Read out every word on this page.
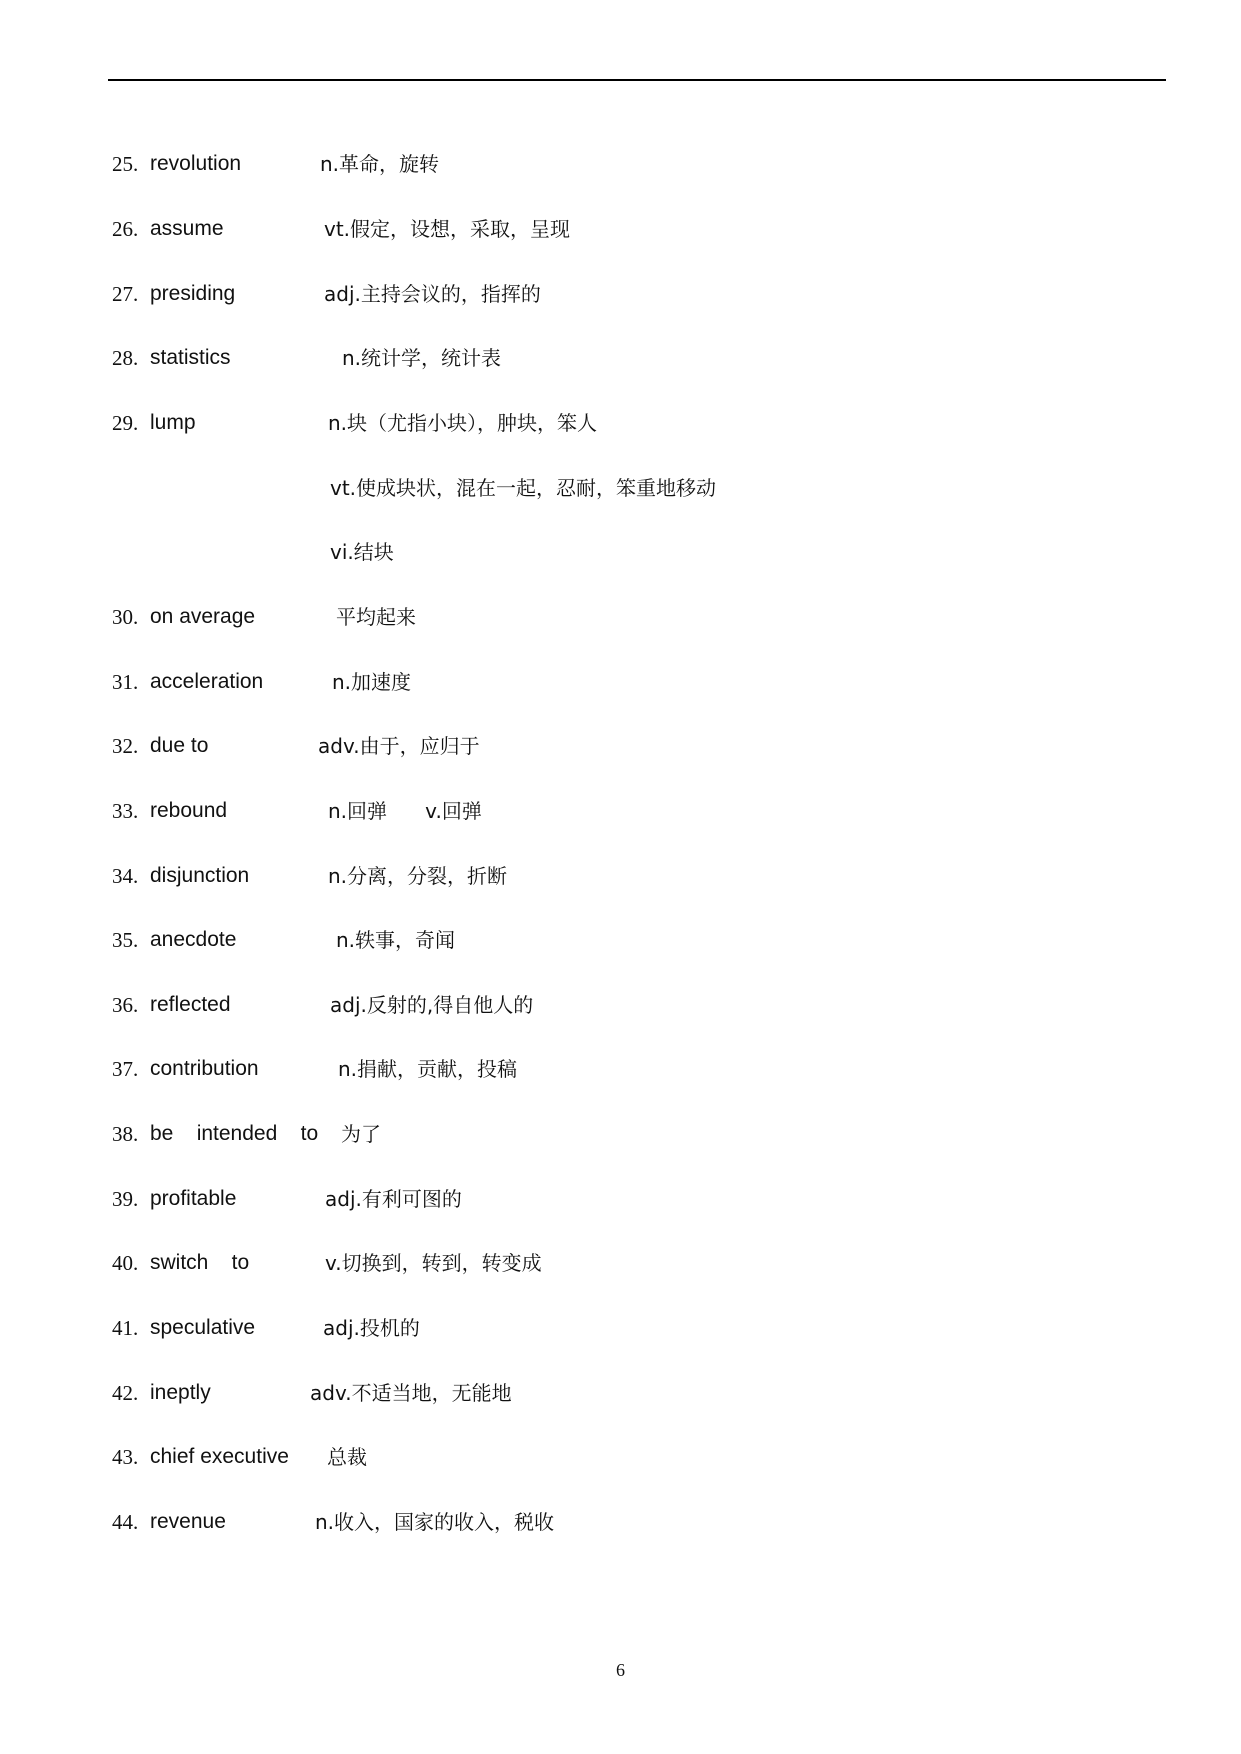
25. revolution	n.革命，旋转
26. assume	vt.假定，设想，采取，呈现
27. presiding	adj.主持会议的，指挥的
28. statistics	n.统计学，统计表
29. lump	n.块（尤指小块），肿块，笨人
vt.使成块状，混在一起，忍耐，笨重地移动
vi.结块
30. on average	平均起来
31. acceleration	n.加速度
32. due to	adv.由于，应归于
33. rebound	n.回弹      v.回弹
34. disjunction	n.分离，分裂，折断
35. anecdote	n.轶事，奇闻
36. reflected	adj.反射的,得自他人的
37. contribution	n.捐献，贡献，投稿
38. be    intended    to 为了
39. profitable	adj.有利可图的
40. switch    to	v.切换到，转到，转变成
41. speculative	adj.投机的
42. ineptly	adv.不适当地，无能地
43. chief executive 总裁
44. revenue	n.收入，国家的收入，税收
6
